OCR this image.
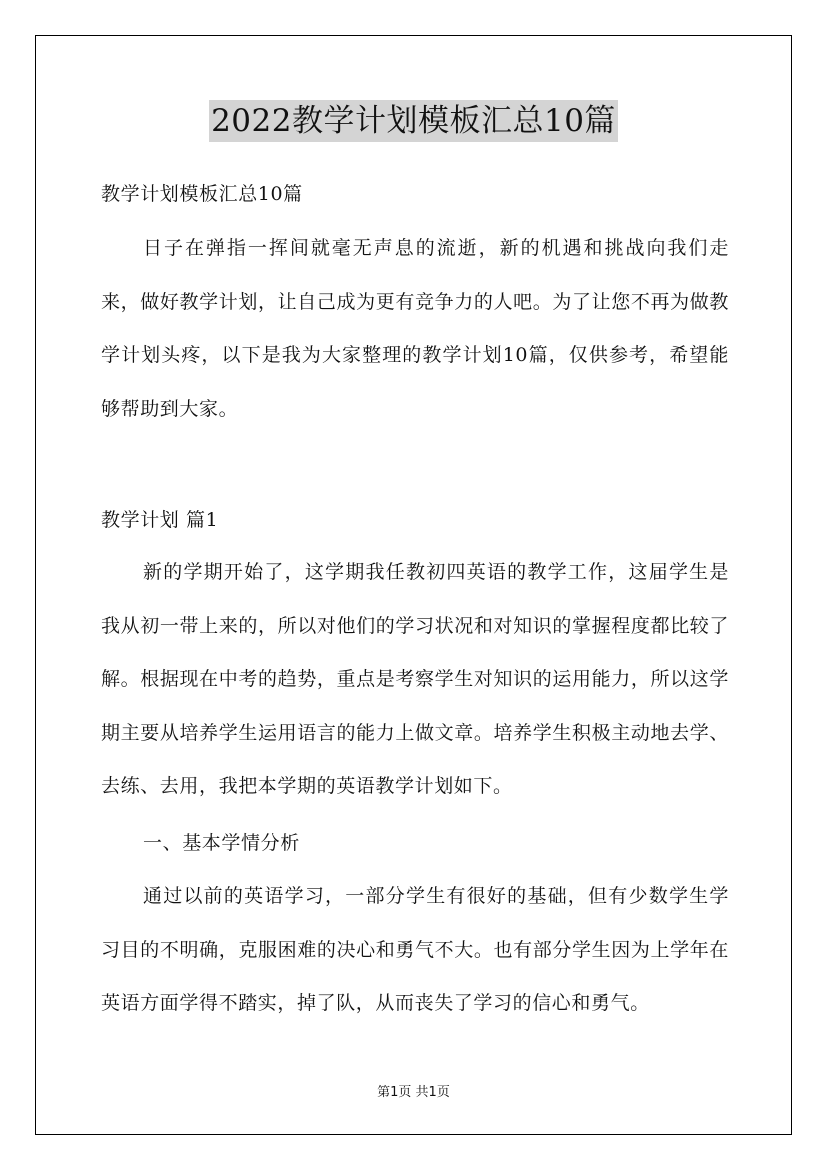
2022教学计划模板汇总10篇

教学计划模板汇总10篇

日子在弹指一挥间就毫无声息的流逝，新的机遇和挑战向我们走来，做好教学计划，让自己成为更有竞争力的人吧。为了让您不再为做教学计划头疼，以下是我为大家整理的教学计划10篇，仅供参考，希望能够帮助到大家。

教学计划 篇1

新的学期开始了，这学期我任教初四英语的教学工作，这届学生是我从初一带上来的，所以对他们的学习状况和对知识的掌握程度都比较了解。根据现在中考的趋势，重点是考察学生对知识的运用能力，所以这学期主要从培养学生运用语言的能力上做文章。培养学生积极主动地去学、去练、去用，我把本学期的英语教学计划如下。

一、基本学情分析

通过以前的英语学习，一部分学生有很好的基础，但有少数学生学习目的不明确，克服困难的决心和勇气不大。也有部分学生因为上学年在英语方面学得不踏实，掉了队，从而丧失了学习的信心和勇气。

第1页 共1页
